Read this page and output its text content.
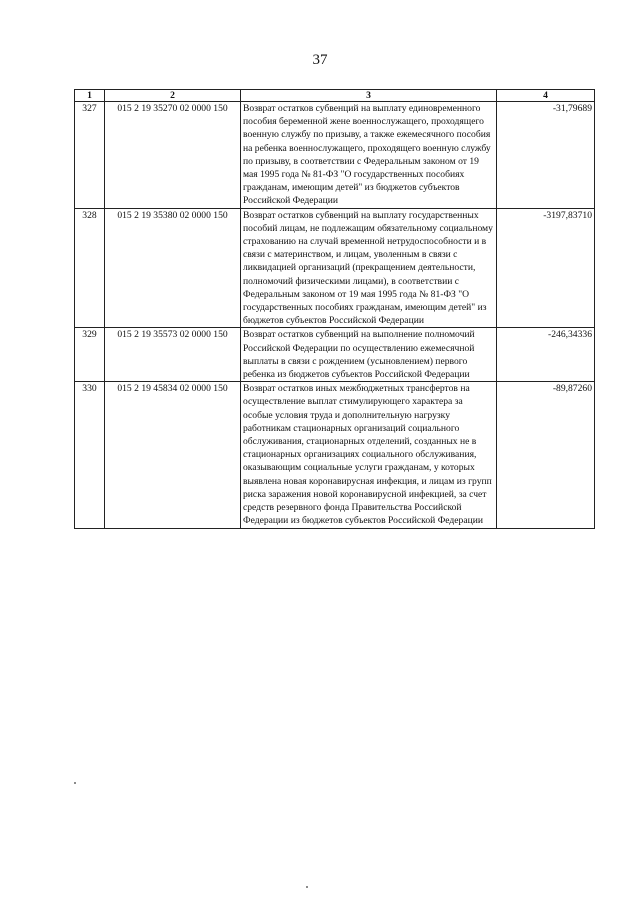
37
1	2	3	4
327	015 2 19 35270 02 0000 150	Возврат остатков субвенций на выплату единовременного пособия беременной жене военнослужащего, проходящего военную службу по призыву, а также ежемесячного пособия на ребенка военнослужащего, проходящего военную службу по призыву, в соответствии с Федеральным законом от 19 мая 1995 года № 81-ФЗ "О государственных пособиях гражданам, имеющим детей" из бюджетов субъектов Российской Федерации	-31,79689
328	015 2 19 35380 02 0000 150	Возврат остатков субвенций на выплату государственных пособий лицам, не подлежащим обязательному социальному страхованию на случай временной нетрудоспособности и в связи с материнством, и лицам, уволенным в связи с ликвидацией организаций (прекращением деятельности, полномочий физическими лицами), в соответствии с Федеральным законом от 19 мая 1995 года № 81-ФЗ "О государственных пособиях гражданам, имеющим детей" из бюджетов субъектов Российской Федерации	-3197,83710
329	015 2 19 35573 02 0000 150	Возврат остатков субвенций на выполнение полномочий Российской Федерации по осуществлению ежемесячной выплаты в связи с рождением (усыновлением) первого ребенка из бюджетов субъектов Российской Федерации	-246,34336
330	015 2 19 45834 02 0000 150	Возврат остатков иных межбюджетных трансфертов на осуществление выплат стимулирующего характера за особые условия труда и дополнительную нагрузку работникам стационарных организаций социального обслуживания, стационарных отделений, созданных не в стационарных организациях социального обслуживания, оказывающим социальные услуги гражданам, у которых выявлена новая коронавирусная инфекция, и лицам из групп риска заражения новой коронавирусной инфекцией, за счет средств резервного фонда Правительства Российской Федерации из бюджетов субъектов Российской Федерации	-89,87260
